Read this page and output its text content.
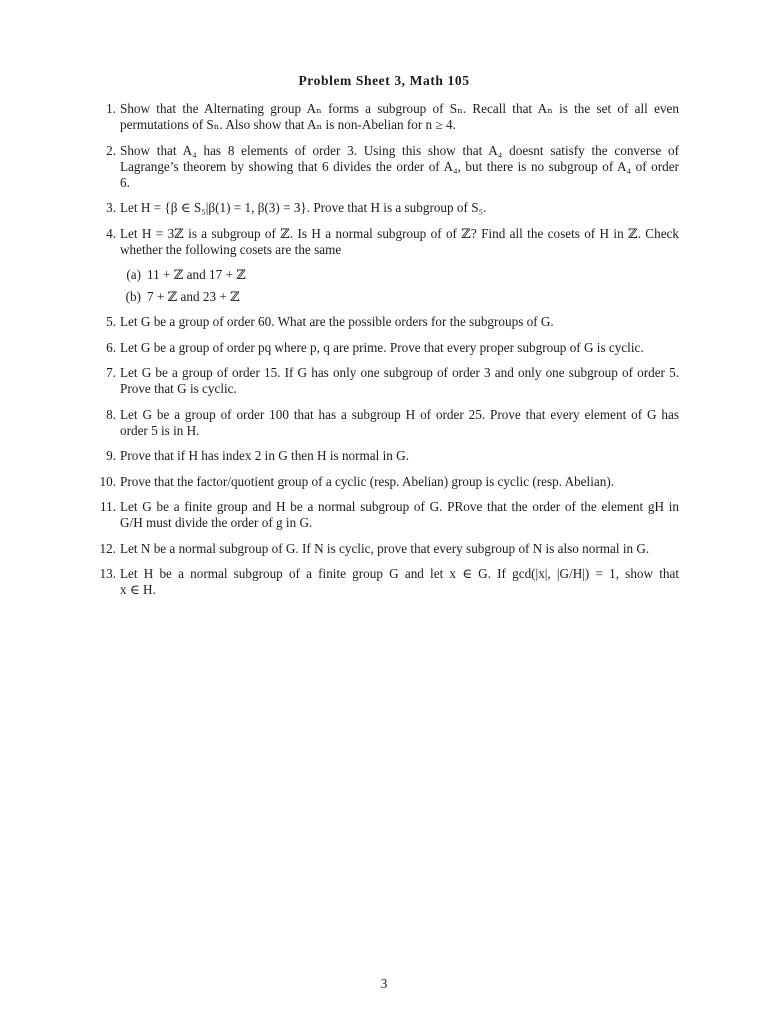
Problem Sheet 3, Math 105
1. Show that the Alternating group Aₙ forms a subgroup of Sₙ. Recall that Aₙ is the set of all even
permutations of Sₙ. Also show that Aₙ is non-Abelian for n ≥ 4.
2. Show that A₄ has 8 elements of order 3. Using this show that A₄ doesnt satisfy the converse of
Lagrange’s theorem by showing that 6 divides the order of A₄, but there is no subgroup of A₄ of order
6.
3. Let H = {β ∈ S₅|β(1) = 1, β(3) = 3}. Prove that H is a subgroup of S₅.
4. Let H = 3ℤ is a subgroup of ℤ. Is H a normal subgroup of of ℤ? Find all the cosets of H in ℤ. Check
whether the following cosets are the same
(a) 11 + ℤ and 17 + ℤ
(b) 7 + ℤ and 23 + ℤ
5. Let G be a group of order 60. What are the possible orders for the subgroups of G.
6. Let G be a group of order pq where p, q are prime. Prove that every proper subgroup of G is cyclic.
7. Let G be a group of order 15. If G has only one subgroup of order 3 and only one subgroup of order 5.
Prove that G is cyclic.
8. Let G be a group of order 100 that has a subgroup H of order 25. Prove that every element of G has
order 5 is in H.
9. Prove that if H has index 2 in G then H is normal in G.
10. Prove that the factor/quotient group of a cyclic (resp. Abelian) group is cyclic (resp. Abelian).
11. Let G be a finite group and H be a normal subgroup of G. PRove that the order of the element gH in
G/H must divide the order of g in G.
12. Let N be a normal subgroup of G. If N is cyclic, prove that every subgroup of N is also normal in G.
13. Let H be a normal subgroup of a finite group G and let x ∈ G. If gcd(|x|, |G/H|) = 1, show that
x ∈ H.
3
